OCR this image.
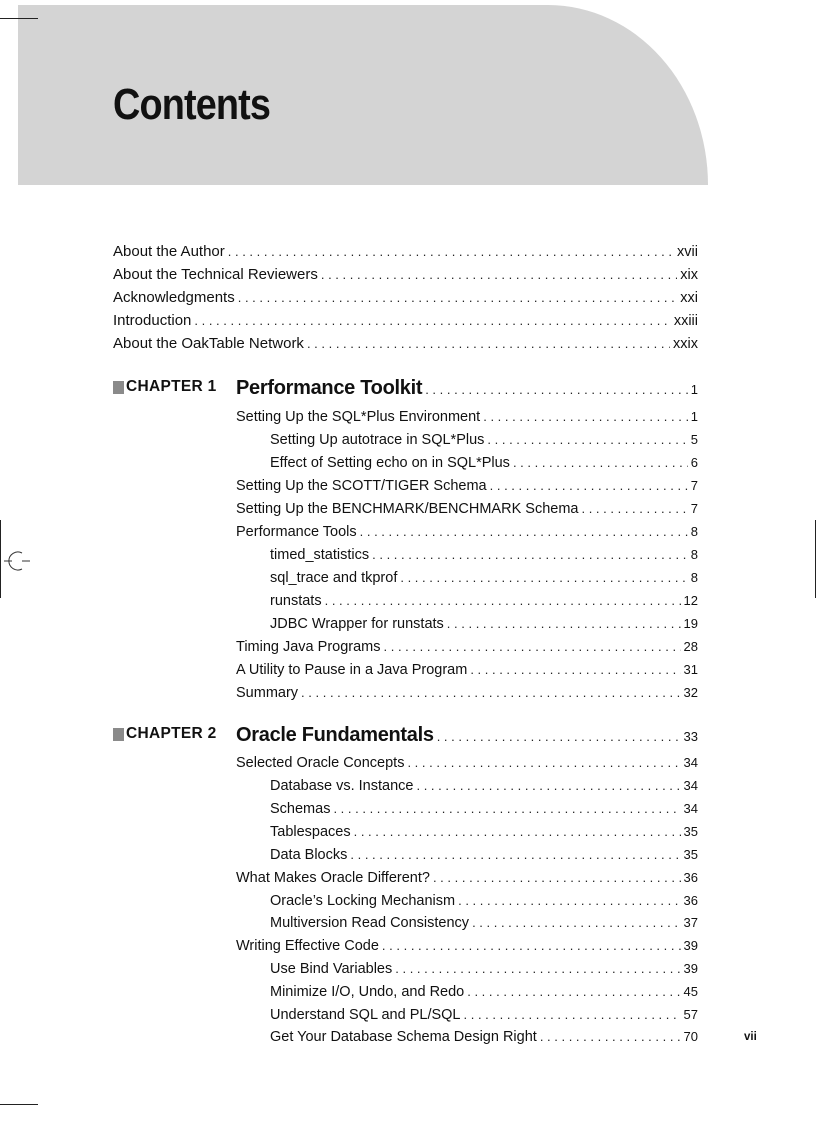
Contents
About the Author . . .	xvii
About the Technical Reviewers . . .	xix
Acknowledgments . . .	xxi
Introduction . . .	xxiii
About the OakTable Network . . .	xxix
CHAPTER 1 Performance Toolkit . . .	1
Setting Up the SQL*Plus Environment . . .	1
Setting Up autotrace in SQL*Plus . . .	5
Effect of Setting echo on in SQL*Plus . . .	6
Setting Up the SCOTT/TIGER Schema . . .	7
Setting Up the BENCHMARK/BENCHMARK Schema . . .	7
Performance Tools . . .	8
timed_statistics . . .	8
sql_trace and tkprof . . .	8
runstats . . .	12
JDBC Wrapper for runstats . . .	19
Timing Java Programs . . .	28
A Utility to Pause in a Java Program . . .	31
Summary . . .	32
CHAPTER 2 Oracle Fundamentals . . .	33
Selected Oracle Concepts . . .	34
Database vs. Instance . . .	34
Schemas . . .	34
Tablespaces . . .	35
Data Blocks . . .	35
What Makes Oracle Different? . . .	36
Oracle’s Locking Mechanism . . .	36
Multiversion Read Consistency . . .	37
Writing Effective Code . . .	39
Use Bind Variables . . .	39
Minimize I/O, Undo, and Redo . . .	45
Understand SQL and PL/SQL . . .	57
Get Your Database Schema Design Right . . .	70	vii
